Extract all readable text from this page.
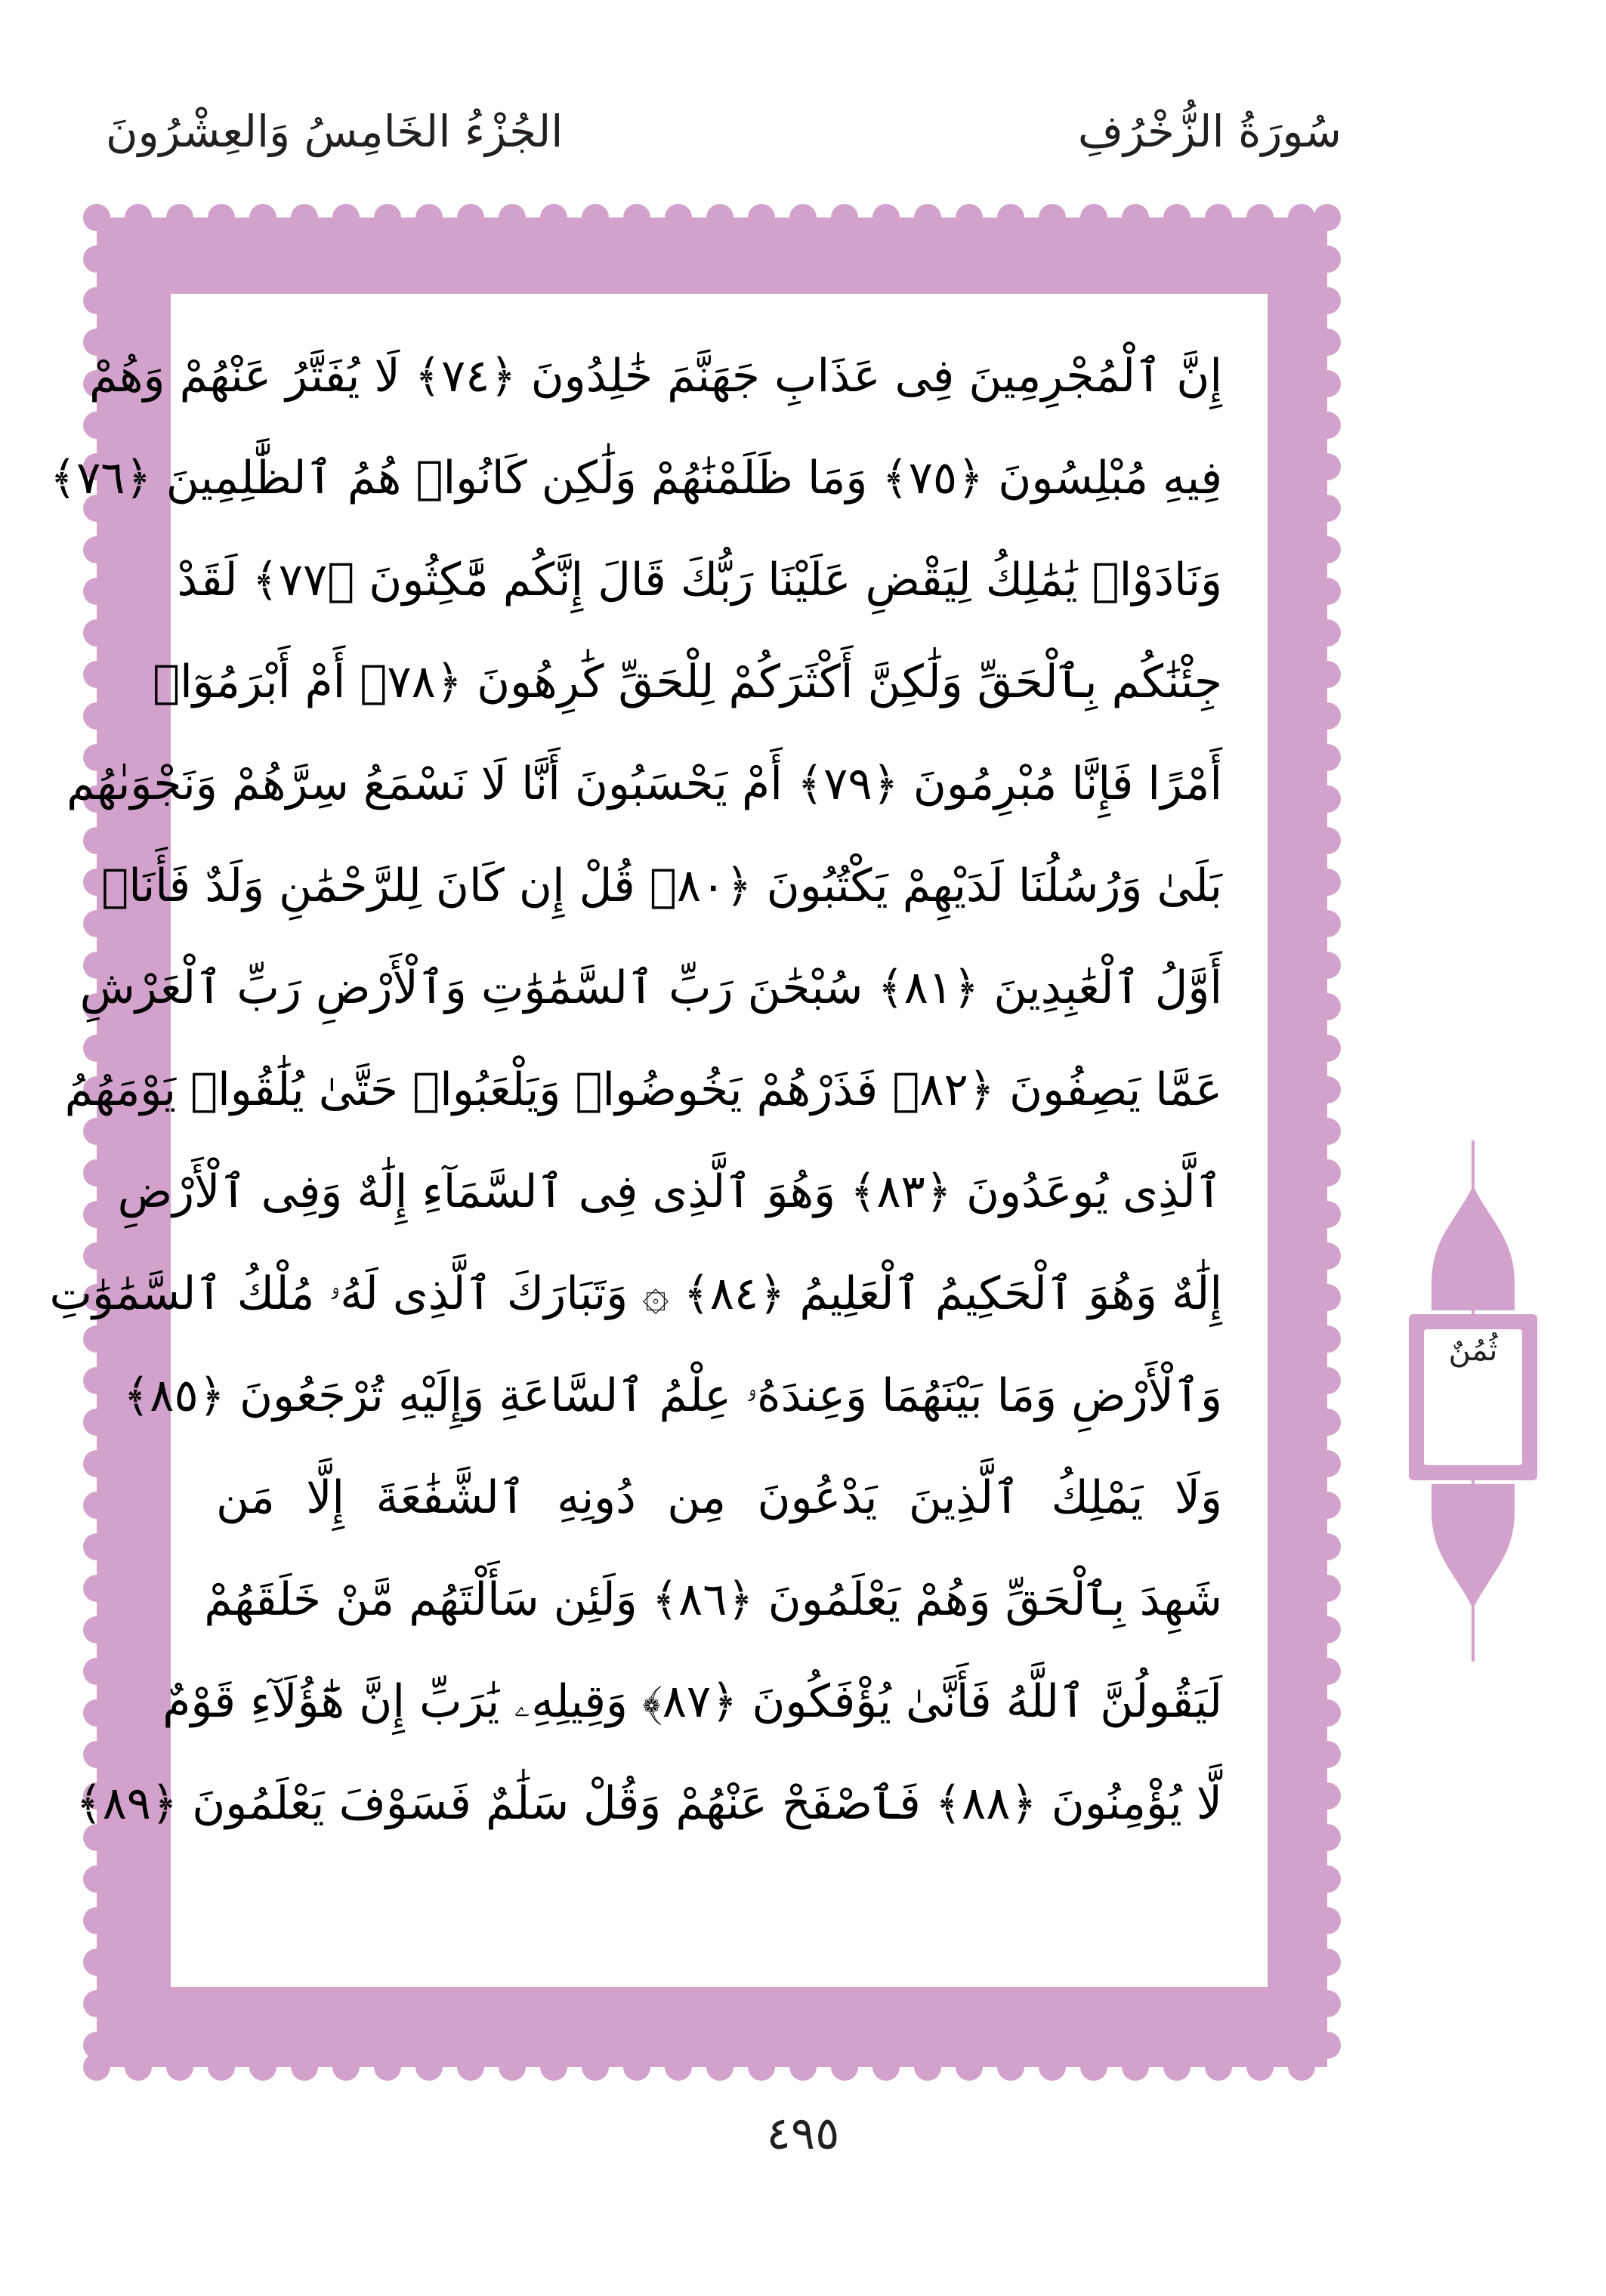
سُورَةُ الزُّخْرُفِ
الجُزْءُ الخَامِسُ وَالعِشْرُونَ
إِنَّ ٱلْمُجْرِمِينَ فِى عَذَابِ جَهَنَّمَ خَٰلِدُونَ ﴿٧٤﴾ لَا يُفَتَّرُ عَنْهُمْ وَهُمْ
فِيهِ مُبْلِسُونَ ﴿٧٥﴾ وَمَا ظَلَمْنَٰهُمْ وَلَٰكِن كَانُوا۟ هُمُ ٱلظَّٰلِمِينَ ﴿٧٦﴾
وَنَادَوْا۟ يَٰمَٰلِكُ لِيَقْضِ عَلَيْنَا رَبُّكَ قَالَ إِنَّكُم مَّٰكِثُونَ ﴿٧٧﴾ لَقَدْ
جِئْنَٰكُم بِٱلْحَقِّ وَلَٰكِنَّ أَكْثَرَكُمْ لِلْحَقِّ كَٰرِهُونَ ﴿٧٨﴾ أَمْ أَبْرَمُوٓا۟
أَمْرًا فَإِنَّا مُبْرِمُونَ ﴿٧٩﴾ أَمْ يَحْسَبُونَ أَنَّا لَا نَسْمَعُ سِرَّهُمْ وَنَجْوَىٰهُم
بَلَىٰ وَرُسُلُنَا لَدَيْهِمْ يَكْتُبُونَ ﴿٨٠﴾ قُلْ إِن كَانَ لِلرَّحْمَٰنِ وَلَدٌ فَأَنَا۠
أَوَّلُ ٱلْعَٰبِدِينَ ﴿٨١﴾ سُبْحَٰنَ رَبِّ ٱلسَّمَٰوَٰتِ وَٱلْأَرْضِ رَبِّ ٱلْعَرْشِ
عَمَّا يَصِفُونَ ﴿٨٢﴾ فَذَرْهُمْ يَخُوضُوا۟ وَيَلْعَبُوا۟ حَتَّىٰ يُلَٰقُوا۟ يَوْمَهُمُ
ٱلَّذِى يُوعَدُونَ ﴿٨٣﴾ وَهُوَ ٱلَّذِى فِى ٱلسَّمَآءِ إِلَٰهٌ وَفِى ٱلْأَرْضِ
إِلَٰهٌ وَهُوَ ٱلْحَكِيمُ ٱلْعَلِيمُ ﴿٨٤﴾ ۞ وَتَبَارَكَ ٱلَّذِى لَهُۥ مُلْكُ ٱلسَّمَٰوَٰتِ
وَٱلْأَرْضِ وَمَا بَيْنَهُمَا وَعِندَهُۥ عِلْمُ ٱلسَّاعَةِ وَإِلَيْهِ تُرْجَعُونَ ﴿٨٥﴾
وَلَا يَمْلِكُ ٱلَّذِينَ يَدْعُونَ مِن دُونِهِ ٱلشَّفَٰعَةَ إِلَّا مَن
شَهِدَ بِٱلْحَقِّ وَهُمْ يَعْلَمُونَ ﴿٨٦﴾ وَلَئِن سَأَلْتَهُم مَّنْ خَلَقَهُمْ
لَيَقُولُنَّ ٱللَّهُ فَأَنَّىٰ يُؤْفَكُونَ ﴿٨٧﴾ وَقِيلِهِۦ يَٰرَبِّ إِنَّ هَٰٓؤُلَآءِ قَوْمٌ
لَّا يُؤْمِنُونَ ﴿٨٨﴾ فَٱصْفَحْ عَنْهُمْ وَقُلْ سَلَٰمٌ فَسَوْفَ يَعْلَمُونَ ﴿٨٩﴾
ثُمُنٌ
٤٩٥
